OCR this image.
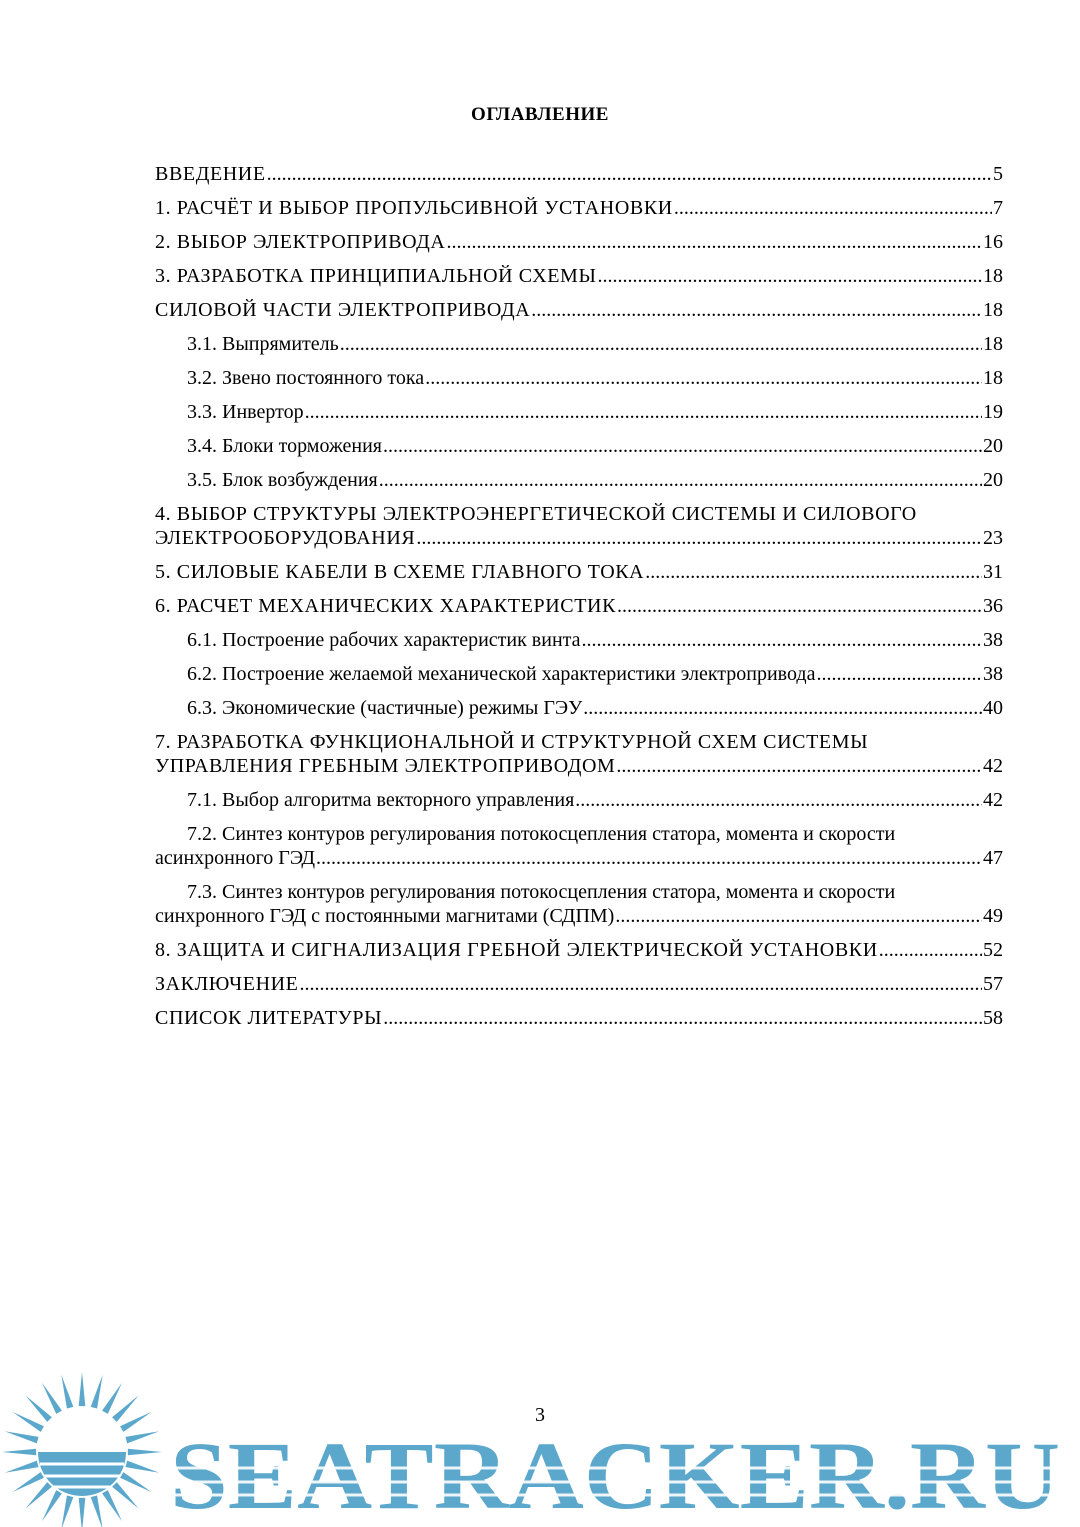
ОГЛАВЛЕНИЕ
ВВЕДЕНИЕ .....	5
1. РАСЧЁТ И ВЫБОР ПРОПУЛЬСИВНОЙ УСТАНОВКИ .....	7
2. ВЫБОР ЭЛЕКТРОПРИВОДА .....	16
3. РАЗРАБОТКА ПРИНЦИПИАЛЬНОЙ СХЕМЫ .....	18
СИЛОВОЙ ЧАСТИ ЭЛЕКТРОПРИВОДА .....	18
3.1. Выпрямитель .....	18
3.2. Звено постоянного тока .....	18
3.3. Инвертор .....	19
3.4. Блоки торможения .....	20
3.5. Блок возбуждения .....	20
4. ВЫБОР СТРУКТУРЫ ЭЛЕКТРОЭНЕРГЕТИЧЕСКОЙ СИСТЕМЫ И СИЛОВОГО
ЭЛЕКТРООБОРУДОВАНИЯ .....	23
5. СИЛОВЫЕ КАБЕЛИ В СХЕМЕ ГЛАВНОГО ТОКА .....	31
6. РАСЧЕТ МЕХАНИЧЕСКИХ ХАРАКТЕРИСТИК .....	36
6.1. Построение рабочих характеристик винта .....	38
6.2. Построение желаемой механической характеристики электропривода .....	38
6.3. Экономические (частичные) режимы ГЭУ .....	40
7. РАЗРАБОТКА ФУНКЦИОНАЛЬНОЙ И СТРУКТУРНОЙ СХЕМ СИСТЕМЫ
УПРАВЛЕНИЯ ГРЕБНЫМ ЭЛЕКТРОПРИВОДОМ .....	42
7.1. Выбор алгоритма векторного управления .....	42
7.2. Синтез контуров регулирования потокосцепления статора, момента и скорости
асинхронного ГЭД .....	47
7.3. Синтез контуров регулирования потокосцепления статора, момента и скорости
синхронного ГЭД с постоянными магнитами (СДПМ) .....	49
8. ЗАЩИТА И СИГНАЛИЗАЦИЯ ГРЕБНОЙ ЭЛЕКТРИЧЕСКОЙ УСТАНОВКИ .....	52
ЗАКЛЮЧЕНИЕ .....	57
СПИСОК ЛИТЕРАТУРЫ .....	58
SEATRACKER.RU
3
